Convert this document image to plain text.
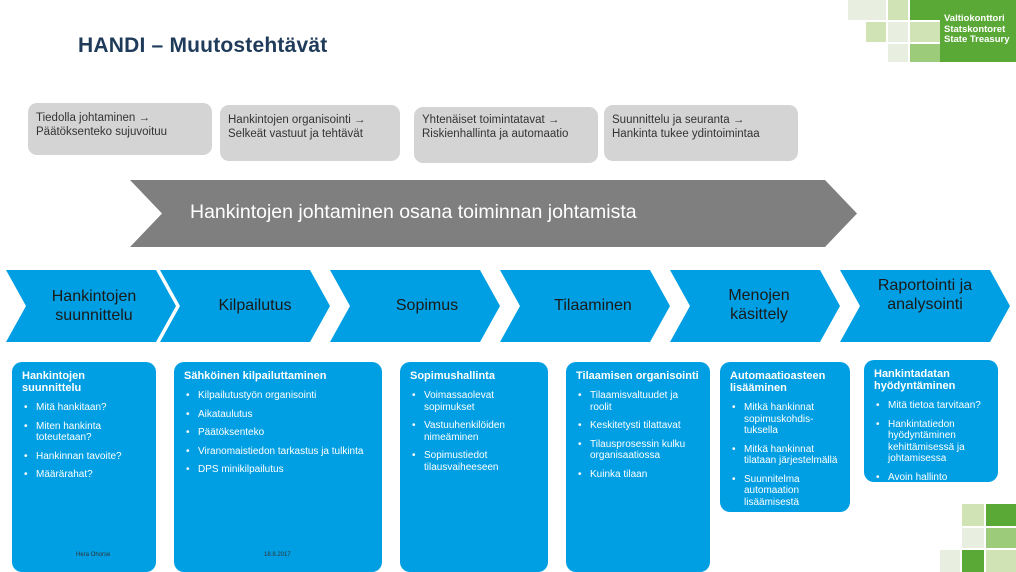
HANDI – Muutostehtävät
Valtiokonttori
Statskontoret
State Treasury
Tiedolla johtaminen →
Päätöksenteko sujuvoituu
Hankintojen organisointi →
Selkeät vastuut ja tehtävät
Yhtenäiset toimintatavat →
Riskienhallinta ja automaatio
Suunnittelu ja seuranta →
Hankinta tukee ydintoimintaa
Hankintojen johtaminen osana toiminnan johtamista
Hankintojen suunnittelu
Kilpailutus	Sopimus	Tilaaminen
Menojen käsittely
Raportointi ja analysointi
Hankintojen suunnittelu
• Mitä hankitaan?
• Miten hankinta toteutetaan?
• Hankinnan tavoite?
• Määrärahat?
Sähköinen kilpailuttaminen
• Kilpailutustyön organisointi
• Aikataulutus
• Päätöksenteko
• Viranomaistiedon tarkastus ja tulkinta
• DPS minikilpailutus
Sopimushallinta
• Voimassaolevat sopimukset
• Vastuuhenkilöiden nimeäminen
• Sopimustiedot tilausvaiheeseen
Tilaamisen organisointi
• Tilaamisvaltuudet ja roolit
• Keskitetysti tilattavat
• Tilausprosessin kulku organisaatiossa
• Kuinka tilaan
Automaatioasteen lisääminen
• Mitkä hankinnat sopimuskohdis-tuksella
• Mitkä hankinnat tilataan järjestelmällä
• Suunnitelma automaation lisäämisestä
Hankintadatan hyödyntäminen
• Mitä tietoa tarvitaan?
• Hankintatiedon hyödyntäminen kehittämisessä ja johtamisessa
• Avoin hallinto
Hera Ohorse	18.8.2017
